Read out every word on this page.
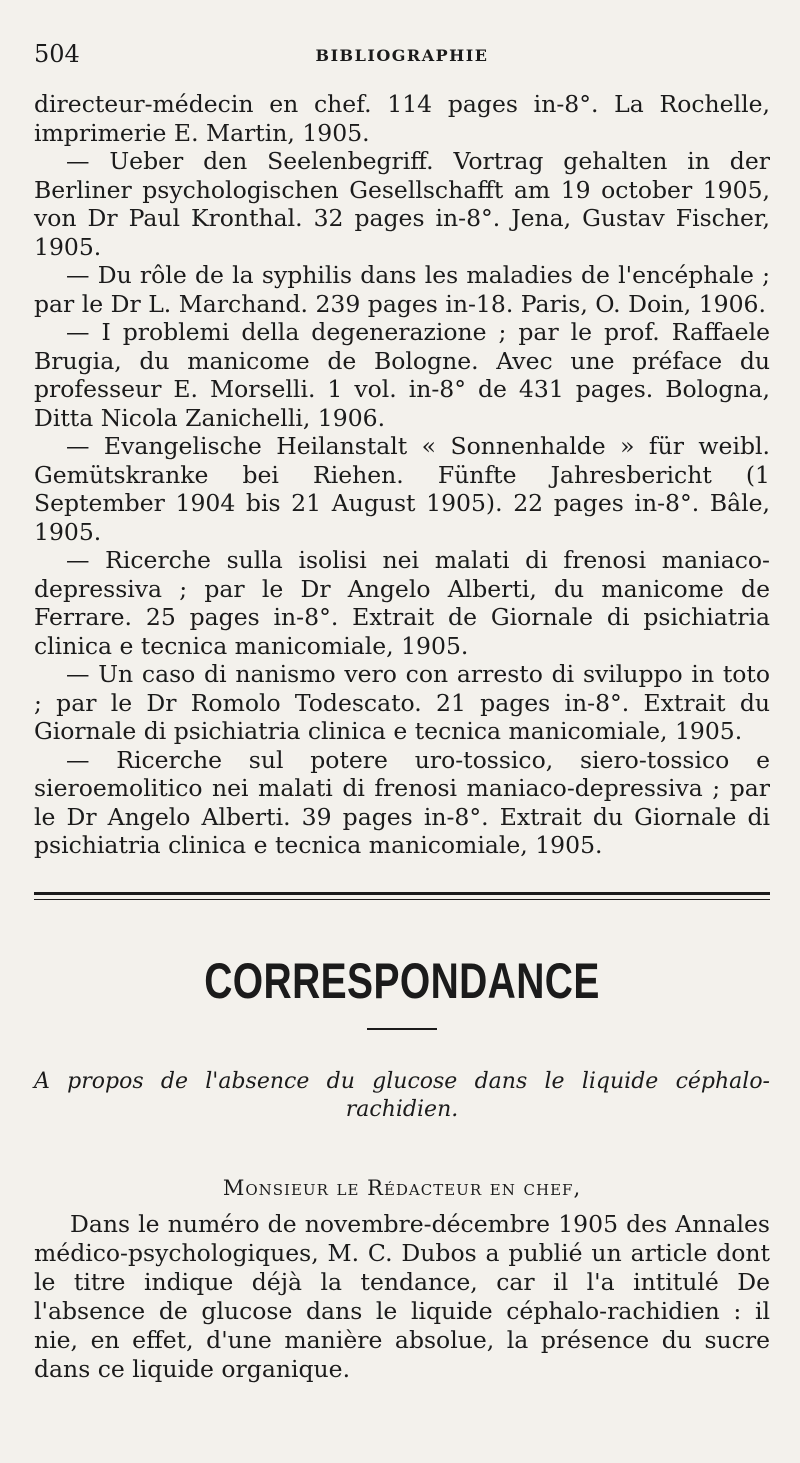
504	BIBLIOGRAPHIE
directeur-médecin en chef. 114 pages in-8°. La Rochelle, imprimerie E. Martin, 1905.
— Ueber den Seelenbegriff. Vortrag gehalten in der Berliner psychologischen Gesellschafft am 19 october 1905, von Dr Paul Kronthal. 32 pages in-8°. Jena, Gustav Fischer, 1905.
— Du rôle de la syphilis dans les maladies de l'encéphale ; par le Dr L. Marchand. 239 pages in-18. Paris, O. Doin, 1906.
— I problemi della degenerazione ; par le prof. Raffaele Brugia, du manicome de Bologne. Avec une préface du professeur E. Morselli. 1 vol. in-8° de 431 pages. Bologna, Ditta Nicola Zanichelli, 1906.
— Evangelische Heilanstalt « Sonnenhalde » für weibl. Gemütskranke bei Riehen. Fünfte Jahresbericht (1 September 1904 bis 21 August 1905). 22 pages in-8°. Bâle, 1905.
— Ricerche sulla isolisi nei malati di frenosi maniaco-depressiva ; par le Dr Angelo Alberti, du manicome de Ferrare. 25 pages in-8°. Extrait de Giornale di psichiatria clinica e tecnica manicomiale, 1905.
— Un caso di nanismo vero con arresto di sviluppo in toto ; par le Dr Romolo Todescato. 21 pages in-8°. Extrait du Giornale di psichiatria clinica e tecnica manicomiale, 1905.
— Ricerche sul potere uro-tossico, siero-tossico e sieroemolitico nei malati di frenosi maniaco-depressiva ; par le Dr Angelo Alberti. 39 pages in-8°. Extrait du Giornale di psichiatria clinica e tecnica manicomiale, 1905.
CORRESPONDANCE
A propos de l'absence du glucose dans le liquide céphalo-
rachidien.
Monsieur le Rédacteur en chef,
Dans le numéro de novembre-décembre 1905 des Annales médico-psychologiques, M. C. Dubos a publié un article dont le titre indique déjà la tendance, car il l'a intitulé De l'absence de glucose dans le liquide céphalo-rachidien : il nie, en effet, d'une manière absolue, la présence du sucre dans ce liquide organique.
